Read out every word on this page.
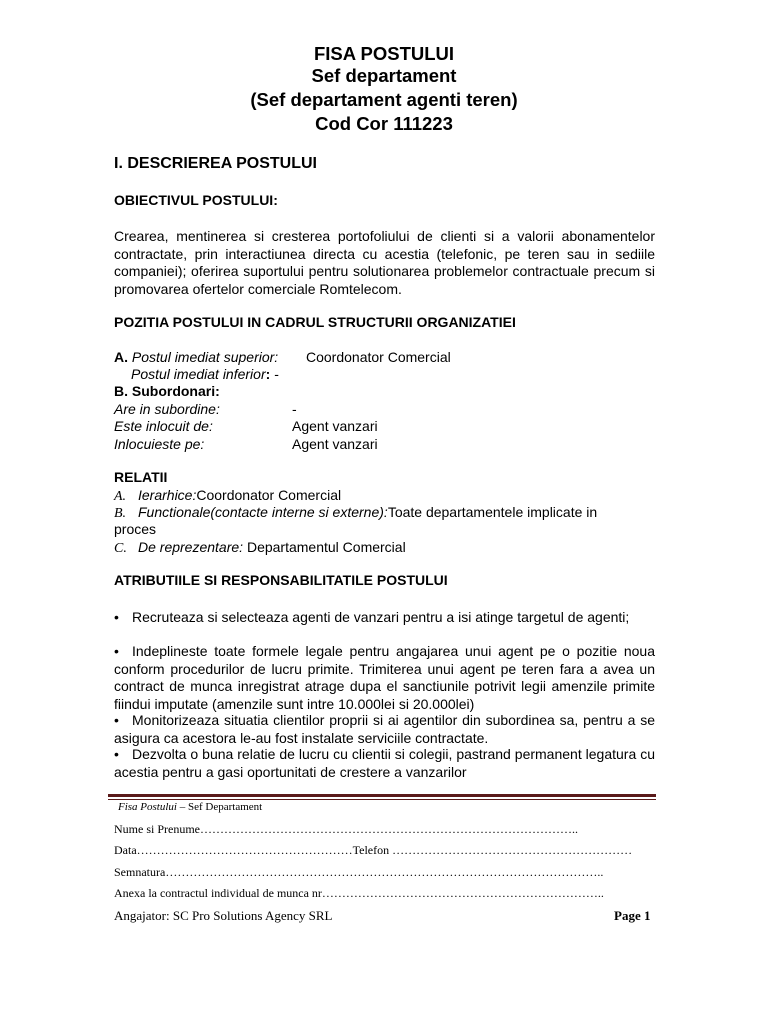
FISA POSTULUI
Sef departament
(Sef departament agenti teren)
Cod Cor 111223
I. DESCRIEREA POSTULUI
OBIECTIVUL POSTULUI:
Crearea, mentinerea si cresterea portofoliului de clienti si a valorii abonamentelor contractate, prin interactiunea directa cu acestia (telefonic, pe teren sau in sediile companiei); oferirea suportului pentru solutionarea problemelor contractuale precum si promovarea ofertelor comerciale Romtelecom.
POZITIA POSTULUI IN CADRUL STRUCTURII ORGANIZATIEI
A. Postul imediat superior: Coordonator Comercial
Postul imediat inferior: -
B. Subordonari:
Are in subordine:	-
Este inlocuit de:	Agent vanzari
Inlocuieste pe:	Agent vanzari
RELATII
A. Ierarhice:Coordonator Comercial
B. Functionale(contacte interne si externe):Toate departamentele implicate in
proces
C. De reprezentare: Departamentul Comercial
ATRIBUTIILE SI RESPONSABILITATILE POSTULUI
• Recruteaza si selecteaza agenti de vanzari pentru a isi atinge targetul de agenti;
• Indeplineste toate formele legale pentru angajarea unui agent pe o pozitie noua conform procedurilor de lucru primite. Trimiterea unui agent pe teren fara a avea un contract de munca inregistrat atrage dupa el sanctiunile potrivit legii amenzile primite fiindui imputate (amenzile sunt intre 10.000lei si 20.000lei)
• Monitorizeaza situatia clientilor proprii si ai agentilor din subordinea sa, pentru a se asigura ca acestora le-au fost instalate serviciile contractate.
• Dezvolta o buna relatie de lucru cu clientii si colegii, pastrand permanent legatura cu acestia pentru a gasi oportunitati de crestere a vanzarilor
Fisa Postului – Sef Departament
Nume si Prenume…………………………………………………………………………………..
Data………………………………………………Telefon ……………………………………………………
Semnatura………………………………………………………………………………………………..
Anexa la contractul individual de munca nr……………………………………………………………..
Angajator: SC Pro Solutions Agency SRL	Page 1
